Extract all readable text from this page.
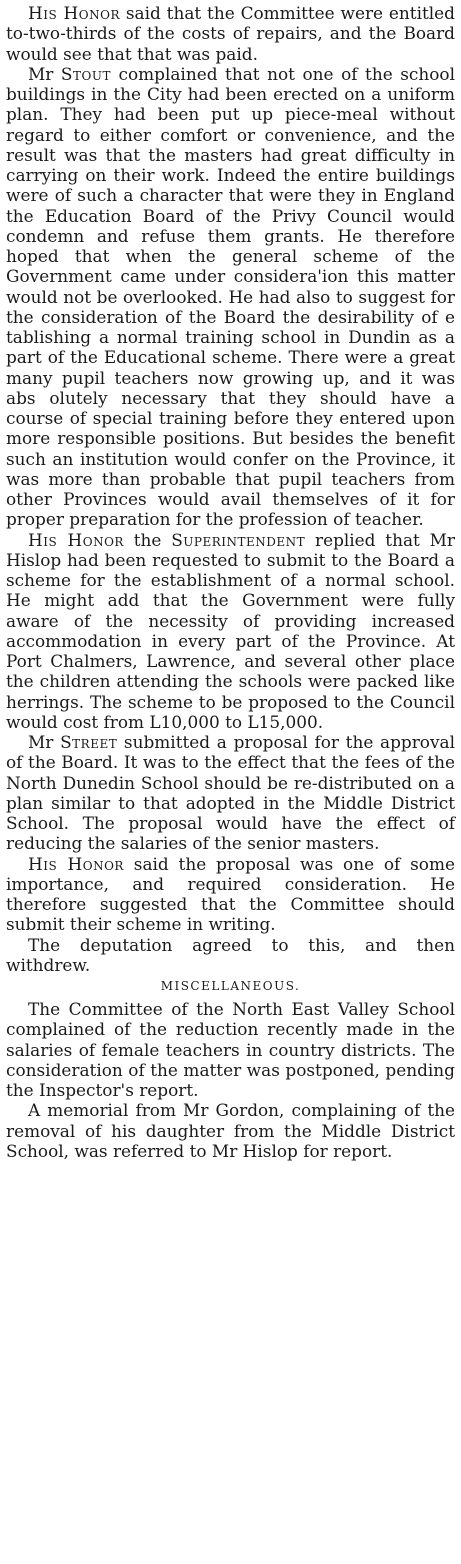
His Honor said that the Committee were entitled to-two-thirds of the costs of repairs, and the Board would see that that was paid.

Mr Stout complained that not one of the school buildings in the City had been erected on a uniform plan. They had been put up piece-meal without regard to either comfort or convenience, and the result was that the masters had great difficulty in carrying on their work. Indeed the entire buildings were of such a character that were they in England the Education Board of the Privy Council would condemn and refuse them grants. He therefore hoped that when the general scheme of the Government came under considera'ion this matter would not be overlooked. He had also to suggest for the consideration of the Board the desirability of e tablishing a normal training school in Dundin as a part of the Educational scheme. There were a great many pupil teachers now growing up, and it was abs olutely necessary that they should have a course of special training before they entered upon more responsible positions. But besides the benefit such an institution would confer on the Province, it was more than probable that pupil teachers from other Provinces would avail themselves of it for proper preparation for the profession of teacher.

His Honor the Superintendent replied that Mr Hislop had been requested to submit to the Board a scheme for the establishment of a normal school. He might add that the Government were fully aware of the necessity of providing increased accommodation in every part of the Province. At Port Chalmers, Lawrence, and several other place the children attending the schools were packed like herrings. The scheme to be proposed to the Council would cost from L10,000 to L15,000.

Mr Street submitted a proposal for the approval of the Board. It was to the effect that the fees of the North Dunedin School should be re-distributed on a plan similar to that adopted in the Middle District School. The proposal would have the effect of reducing the salaries of the senior masters.

His Honor said the proposal was one of some importance, and required consideration. He therefore suggested that the Committee should submit their scheme in writing.

The deputation agreed to this, and then withdrew.

MISCELLANEOUS.

The Committee of the North East Valley School complained of the reduction recently made in the salaries of female teachers in country districts. The consideration of the matter was postponed, pending the Inspector's report.

A memorial from Mr Gordon, complaining of the removal of his daughter from the Middle District School, was referred to Mr Hislop for report.
